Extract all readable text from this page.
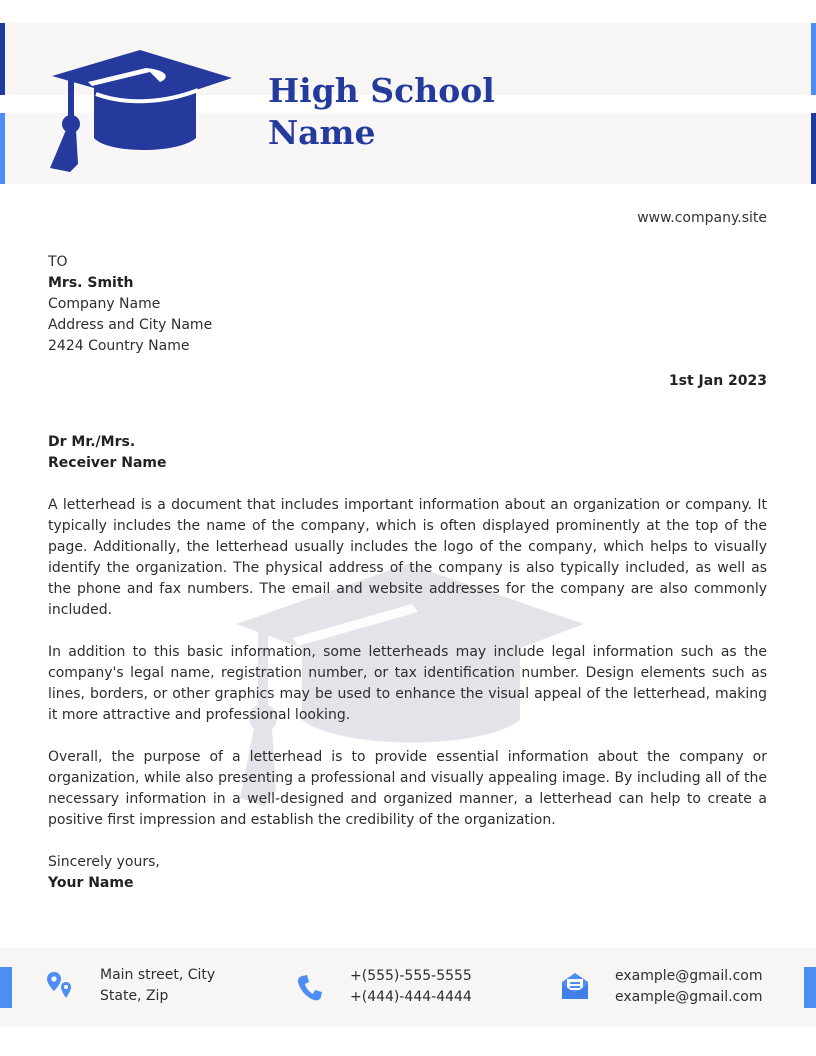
High School
Name
www.company.site
TO
Mrs. Smith
Company Name
Address and City Name
2424 Country Name
1st Jan 2023
Dr Mr./Mrs.
Receiver Name
A letterhead is a document that includes important information about an organization or company. It typically includes the name of the company, which is often displayed prominently at the top of the page. Additionally, the letterhead usually includes the logo of the company, which helps to visually identify the organization. The physical address of the company is also typically included, as well as the phone and fax numbers. The email and website addresses for the company are also commonly included.
In addition to this basic information, some letterheads may include legal information such as the company's legal name, registration number, or tax identification number. Design elements such as lines, borders, or other graphics may be used to enhance the visual appeal of the letterhead, making it more attractive and professional looking.
Overall, the purpose of a letterhead is to provide essential information about the company or organization, while also presenting a professional and visually appealing image. By including all of the necessary information in a well-designed and organized manner, a letterhead can help to create a positive first impression and establish the credibility of the organization.
Sincerely yours,
Your Name
Main street, City
State, Zip
+(555)-555-5555
+(444)-444-4444
example@gmail.com
example@gmail.com
